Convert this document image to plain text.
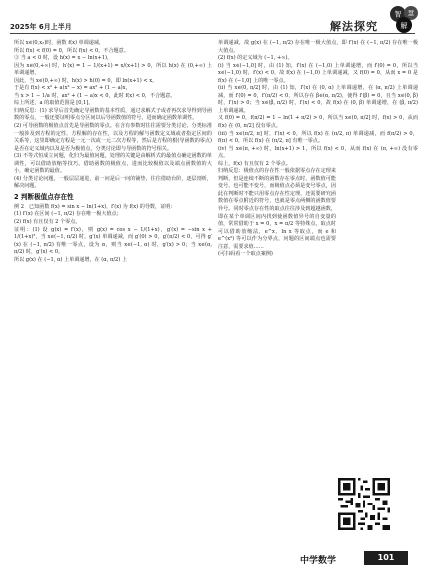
2025年 6月上半月	解法探究
智 慧
解

所以 x∈(0,x₂)时，函数 f(x) 单调递减，

所以 f(x) < f(0) = 0，所以 f(x) < 0，不合题意。

③ 当 a < 0 时，设 h(x) = x − ln(x+1)，

因为 x∈(0,+∞) 时，h′(x) = 1 − 1/(x+1) = x/(x+1) > 0，所以 h(x) 在 (0,+∞) 上单调递增，

因此，当 x∈(0,+∞) 时，h(x) > h(0) = 0，即 ln(x+1) < x，

于是有 f(x) < x² + a(x² − x) = ax² + (1 − a)x，

当 x > 1 − 1/a 时，ax² + (1 − a)x < 0，此时 f(x) < 0，不合题意。

综上所述，a 的取值范围是 [0,1]。

归纳反思：(1) 求导后首先确定导函数的基本性质，通过求解式子或者再次求导得到导函数的零点，一般还要证明零点分区间以后导函数值的符号，进而确定函数单调性。

(2) 可导函数的极值点首先是导函数的零点。在含有参数时往往需要分类讨论，分类标准一般涉及到方程的定性、方程解的存在性，以及方程的解与函数定义域或者指定区间的关系等，这里即确定方程是一元一次或一元二次方程等，然后是方程的根(导函数的零点)是否在定义域内以及是否为极值点，分类讨论即与导函数的符号相关。

(3) 不等式恒成立问题，化归为最值问题，处理的关键是由解析式的最值点确定函数的单调性，可以借助放缩等技巧。借助函数的极值点，进而比较极值以及端点函数值的大小，确定函数的最值。

(4) 分类讨论问题，一般层层递进，前一问是后一问的铺垫，往往借助台阶，逐层剖析，解决问题。

2 判断极值点存在性

例 2　已知函数 f(x) = sin x − ln(1+x)，f′(x) 为 f(x) 的导数，证明：

(1) f′(x) 在区间 (−1, π/2) 存在唯一极大值点；

(2) f(x) 有且仅有 2 个零点。

证明：(1) 设 g(x) = f′(x)，则 g(x) = cos x − 1/(1+x)，g′(x) = −sin x + 1/(1+x)²，当 x∈(−1, π/2) 时，g′(x) 单调递减，而 g′(0) > 0，g′(π/2) < 0，可得 g′(x) 在 (−1, π/2) 有唯一零点，设为 α，则当 x∈(−1, α) 时，g′(x) > 0；当 x∈(α, π/2) 时，g′(x) < 0。

所以 g(x) 在 (−1, α) 上单调递增，在 (α, π/2) 上

单调递减，故 g(x) 在 (−1, π/2) 存在唯一极大值点，即 f′(x) 在 (−1, π/2) 存在唯一极大值点。

(2) f(x) 的定义域为 (−1, +∞)。

(i) 当 x∈(−1,0] 时，由 (1) 知，f′(x) 在 (−1,0) 上单调递增，而 f′(0) = 0，所以当 x∈(−1,0) 时，f′(x) < 0，故 f(x) 在 (−1,0) 上单调递减，又 f(0) = 0，从而 x = 0 是 f(x) 在 (−1,0] 上的唯一零点。

(ii) 当 x∈(0, π/2] 时，由 (1) 知，f′(x) 在 (0, α) 上单调递增，在 (α, π/2) 上单调递减，而 f′(0) = 0，f′(π/2) < 0，所以存在 β∈(α, π/2)，使得 f′(β) = 0，且当 x∈(0, β) 时，f′(x) > 0；当 x∈(β, π/2) 时，f′(x) < 0，故 f(x) 在 (0, β) 单调递增，在 (β, π/2) 上单调递减。

又 f(0) = 0，f(π/2) = 1 − ln(1 + π/2) > 0，所以当 x∈(0, π/2] 时，f(x) > 0，从而 f(x) 在 (0, π/2] 没有零点。

(iii) 当 x∈(π/2, π] 时，f′(x) < 0，所以 f(x) 在 (π/2, π) 单调递减，而 f(π/2) > 0，f(π) < 0，所以 f(x) 在 (π/2, π] 有唯一零点。

(iv) 当 x∈(π, +∞) 时，ln(x+1) > 1，所以 f(x) < 0，从而 f(x) 在 (π, +∞) 没有零点。

综上，f(x) 有且仅有 2 个零点。

归纳反思：极值点的存在性一般依据零点存在定理来判断，但是连续不断的函数存在零点时，函数值可能变号，也可能不变号，而极值点必须是变号零点，因此在判断时不能只用零点存在性定理，还需要研究函数值在零点附近的符号，也就是零点两侧的函数值要异号。同时零点存在性的取点往往涉及到超越函数，即在某个单调区间内找到使函数值异号的自变量的值，常常借助于 x = 0，x = π/2 等特殊点，取点时可以借助放缩法，e^x，ln x 等取点，而 e 和 e^(x²) 等可以作为分界点，问题的区间端点也需要注意，需要求值……

(可扫码看一个取点案例)

中学数学	101
